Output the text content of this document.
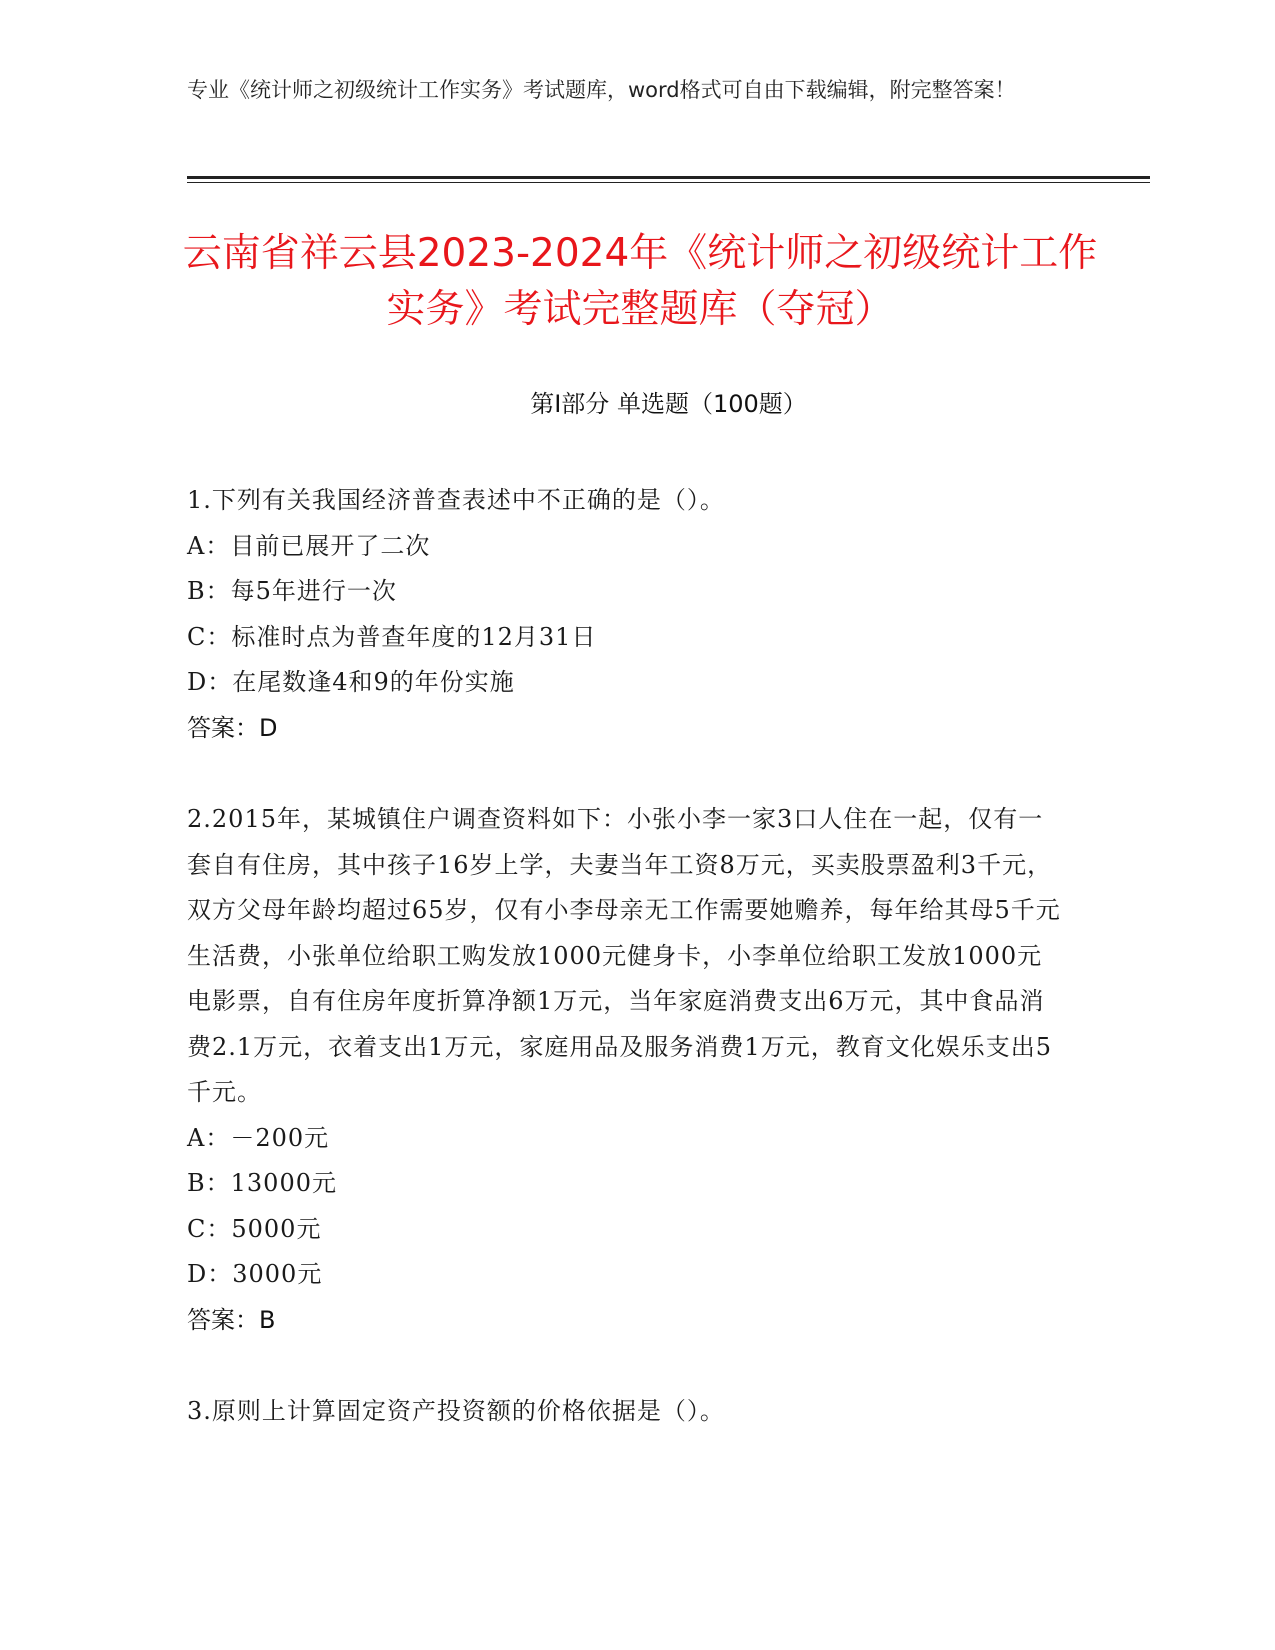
专业《统计师之初级统计工作实务》考试题库，word格式可自由下载编辑，附完整答案！
云南省祥云县2023-2024年《统计师之初级统计工作实务》考试完整题库（夺冠）
第Ⅰ部分 单选题（100题）
1.下列有关我国经济普查表述中不正确的是（）。
A：目前已展开了二次
B：每5年进行一次
C：标准时点为普查年度的12月31日
D：在尾数逢4和9的年份实施
答案：D
2.2015年，某城镇住户调查资料如下：小张小李一家3口人住在一起，仅有一套自有住房，其中孩子16岁上学，夫妻当年工资8万元，买卖股票盈利3千元，双方父母年龄均超过65岁，仅有小李母亲无工作需要她赡养，每年给其母5千元生活费，小张单位给职工购发放1000元健身卡，小李单位给职工发放1000元电影票，自有住房年度折算净额1万元，当年家庭消费支出6万元，其中食品消费2.1万元，衣着支出1万元，家庭用品及服务消费1万元，教育文化娱乐支出5千元。
A：－200元
B：13000元
C：5000元
D：3000元
答案：B
3.原则上计算固定资产投资额的价格依据是（）。
